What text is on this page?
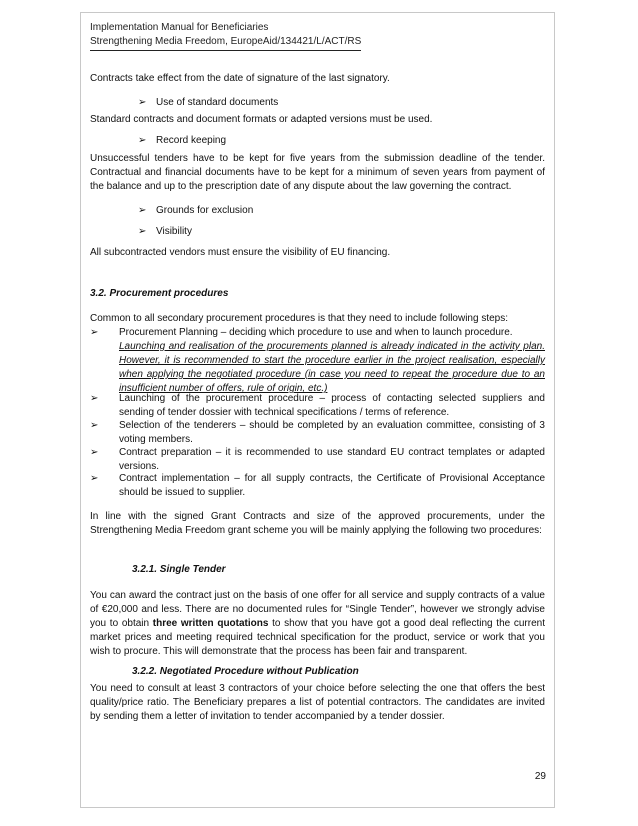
Implementation Manual for Beneficiaries
Strengthening Media Freedom, EuropeAid/134421/L/ACT/RS
Contracts take effect from the date of signature of the last signatory.
➢ Use of standard documents
Standard contracts and document formats or adapted versions must be used.
➢ Record keeping
Unsuccessful tenders have to be kept for five years from the submission deadline of the tender. Contractual and financial documents have to be kept for a minimum of seven years from payment of the balance and up to the prescription date of any dispute about the law governing the contract.
➢ Grounds for exclusion
➢ Visibility
All subcontracted vendors must ensure the visibility of EU financing.
3.2. Procurement procedures
Common to all secondary procurement procedures is that they need to include following steps:
➢	Procurement Planning – deciding which procedure to use and when to launch procedure.
Launching and realisation of the procurements planned is already indicated in the activity plan. However, it is recommended to start the procedure earlier in the project realisation, especially when applying the negotiated procedure (in case you need to repeat the procedure due to an insufficient number of offers, rule of origin, etc.)
➢	Launching of the procurement procedure – process of contacting selected suppliers and sending of tender dossier with technical specifications / terms of reference.
➢	Selection of the tenderers – should be completed by an evaluation committee, consisting of 3 voting members.
➢	Contract preparation – it is recommended to use standard EU contract templates or adapted versions.
➢	Contract implementation – for all supply contracts, the Certificate of Provisional Acceptance should be issued to supplier.
In line with the signed Grant Contracts and size of the approved procurements, under the Strengthening Media Freedom grant scheme you will be mainly applying the following two procedures:
3.2.1. Single Tender
You can award the contract just on the basis of one offer for all service and supply contracts of a value of €20,000 and less. There are no documented rules for “Single Tender”, however we strongly advise you to obtain three written quotations to show that you have got a good deal reflecting the current market prices and meeting required technical specification for the product, service or work that you wish to procure. This will demonstrate that the process has been fair and transparent.
3.2.2. Negotiated Procedure without Publication
You need to consult at least 3 contractors of your choice before selecting the one that offers the best quality/price ratio. The Beneficiary prepares a list of potential contractors. The candidates are invited by sending them a letter of invitation to tender accompanied by a tender dossier.
29
